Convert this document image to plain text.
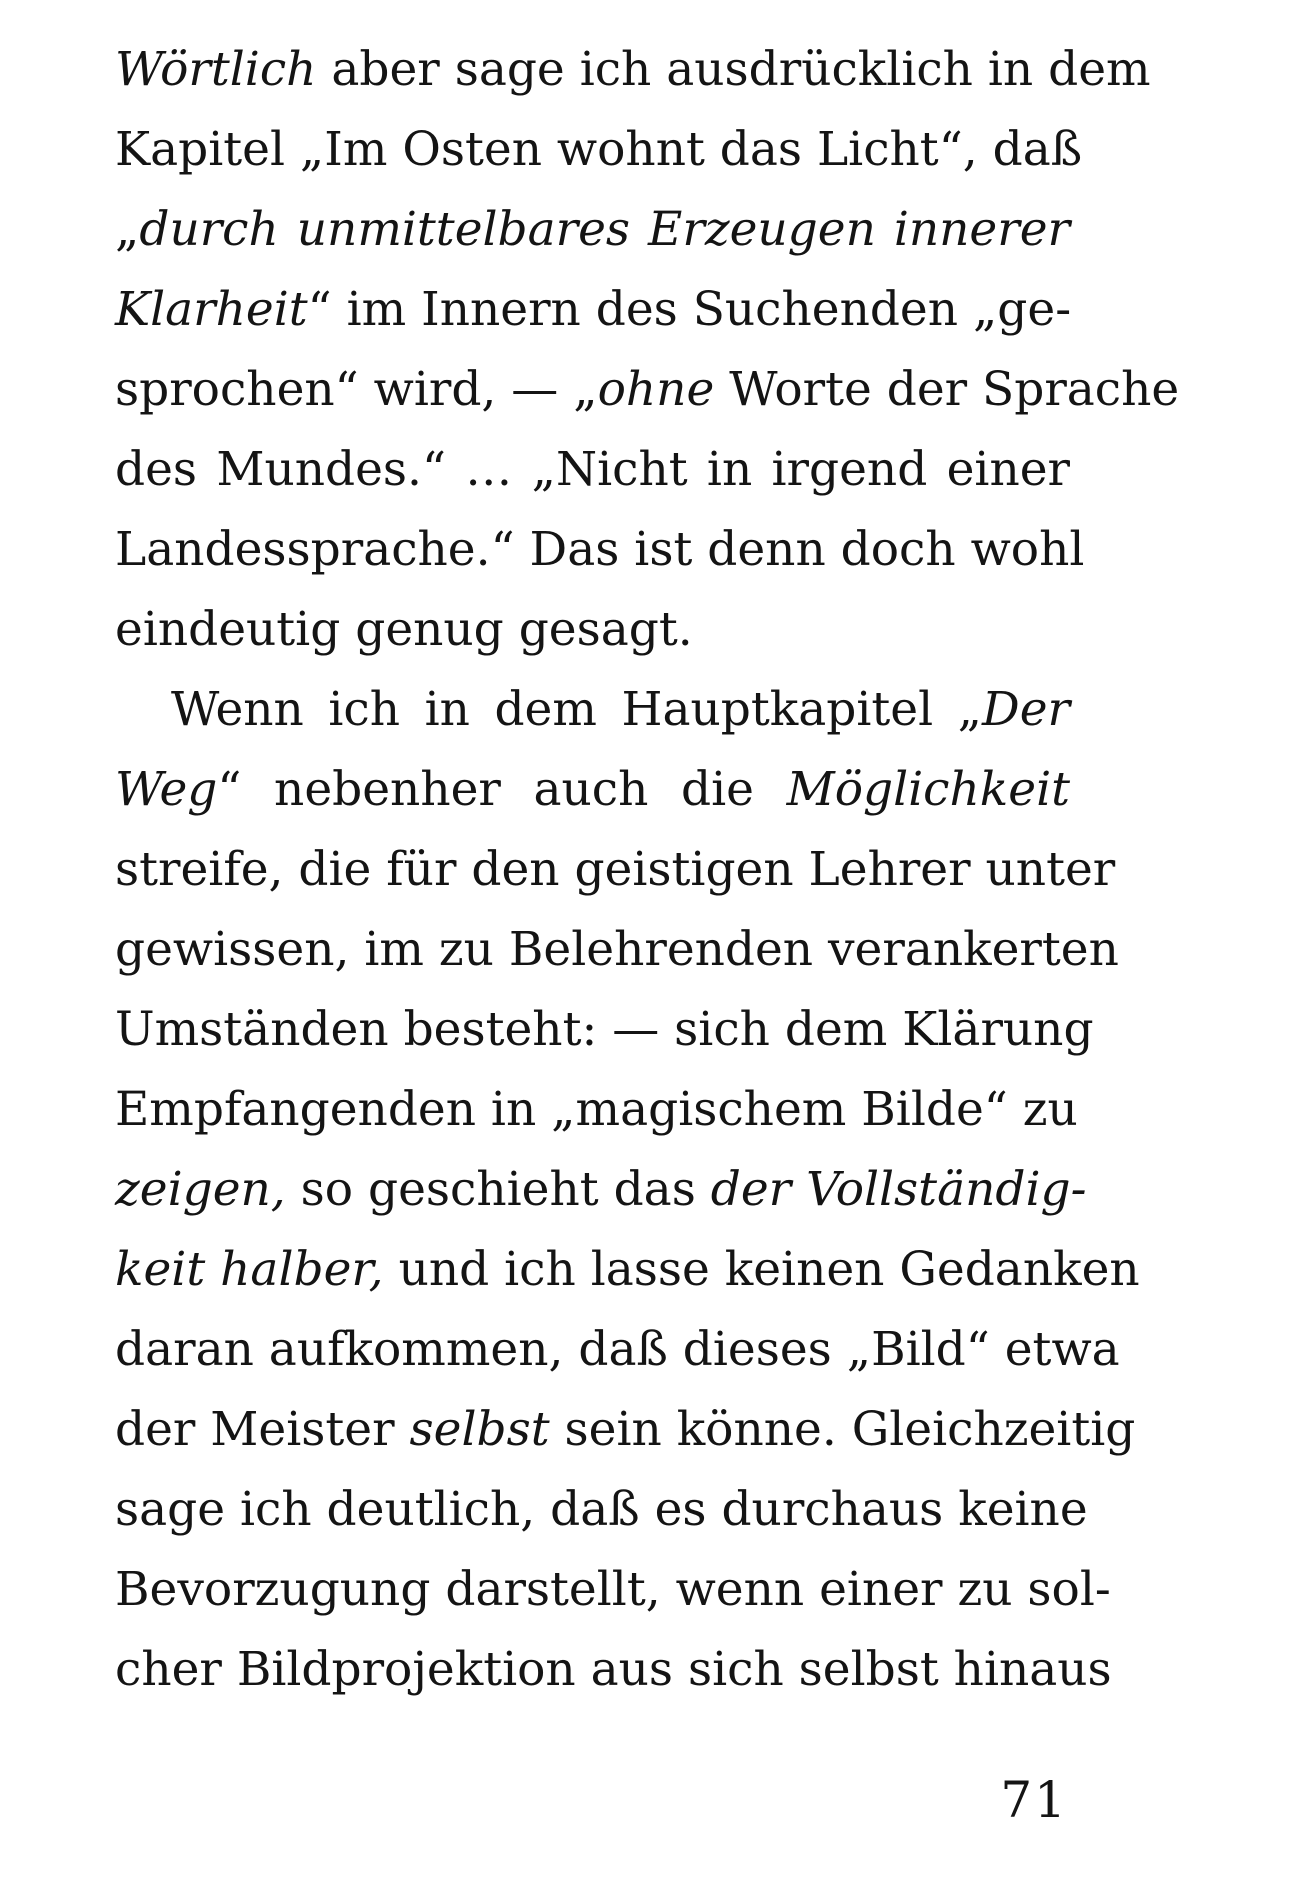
Wörtlich aber sage ich ausdrücklich in dem
Kapitel „Im Osten wohnt das Licht“, daß
„durch unmittelbares Erzeugen innerer
Klarheit“ im Innern des Suchenden „ge-
sprochen“ wird, — „ohne Worte der Sprache
des Mundes.“ … „Nicht in irgend einer
Landessprache.“ Das ist denn doch wohl
eindeutig genug gesagt.
Wenn ich in dem Hauptkapitel „Der
Weg“ nebenher auch die Möglichkeit
streife, die für den geistigen Lehrer unter
gewissen, im zu Belehrenden verankerten
Umständen besteht: — sich dem Klärung
Empfangenden in „magischem Bilde“ zu
zeigen, so geschieht das der Vollständig-
keit halber, und ich lasse keinen Gedanken
daran aufkommen, daß dieses „Bild“ etwa
der Meister selbst sein könne. Gleichzeitig
sage ich deutlich, daß es durchaus keine
Bevorzugung darstellt, wenn einer zu sol-
cher Bildprojektion aus sich selbst hinaus
71
